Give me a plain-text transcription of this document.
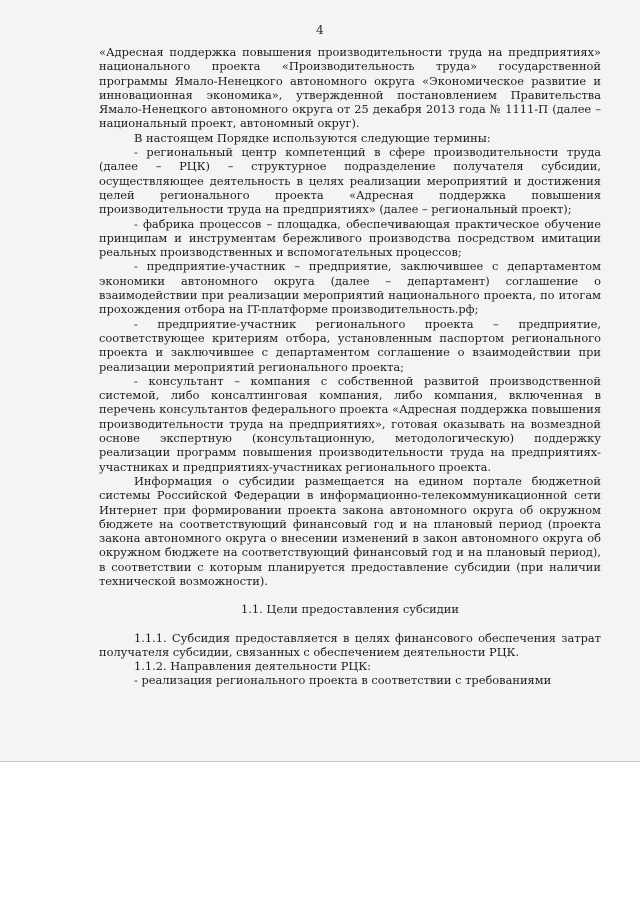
4

«Адресная поддержка повышения производительности труда на предприятиях» национального проекта «Производительность труда» государственной программы Ямало-Ненецкого автономного округа «Экономическое развитие и инновационная экономика», утвержденной постановлением Правительства Ямало-Ненецкого автономного округа от 25 декабря 2013 года № 1111-П (далее – национальный проект, автономный округ).

В настоящем Порядке используются следующие термины:

- региональный центр компетенций в сфере производительности труда (далее – РЦК) – структурное подразделение получателя субсидии, осуществляющее деятельность в целях реализации мероприятий и достижения целей регионального проекта «Адресная поддержка повышения производительности труда на предприятиях» (далее – региональный проект);

- фабрика процессов – площадка, обеспечивающая практическое обучение принципам и инструментам бережливого производства посредством имитации реальных производственных и вспомогательных процессов;

- предприятие-участник – предприятие, заключившее с департаментом экономики автономного округа (далее – департамент) соглашение о взаимодействии при реализации мероприятий национального проекта, по итогам прохождения отбора на IT-платформе производительность.рф;

- предприятие-участник регионального проекта – предприятие, соответствующее критериям отбора, установленным паспортом регионального проекта и заключившее с департаментом соглашение о взаимодействии при реализации мероприятий регионального проекта;

- консультант – компания с собственной развитой производственной системой, либо консалтинговая компания, либо компания, включенная в перечень консультантов федерального проекта «Адресная поддержка повышения производительности труда на предприятиях», готовая оказывать на возмездной основе экспертную (консультационную, методологическую) поддержку реализации программ повышения производительности труда на предприятиях-участниках и предприятиях-участниках регионального проекта.

Информация о субсидии размещается на едином портале бюджетной системы Российской Федерации в информационно-телекоммуникационной сети Интернет при формировании проекта закона автономного округа об окружном бюджете на соответствующий финансовый год и на плановый период (проекта закона автономного округа о внесении изменений в закон автономного округа об окружном бюджете на соответствующий финансовый год и на плановый период), в соответствии с которым планируется предоставление субсидии (при наличии технической возможности).

1.1. Цели предоставления субсидии

1.1.1. Субсидия предоставляется в целях финансового обеспечения затрат получателя субсидии, связанных с обеспечением деятельности РЦК.

1.1.2. Направления деятельности РЦК:

- реализация регионального проекта в соответствии с требованиями
